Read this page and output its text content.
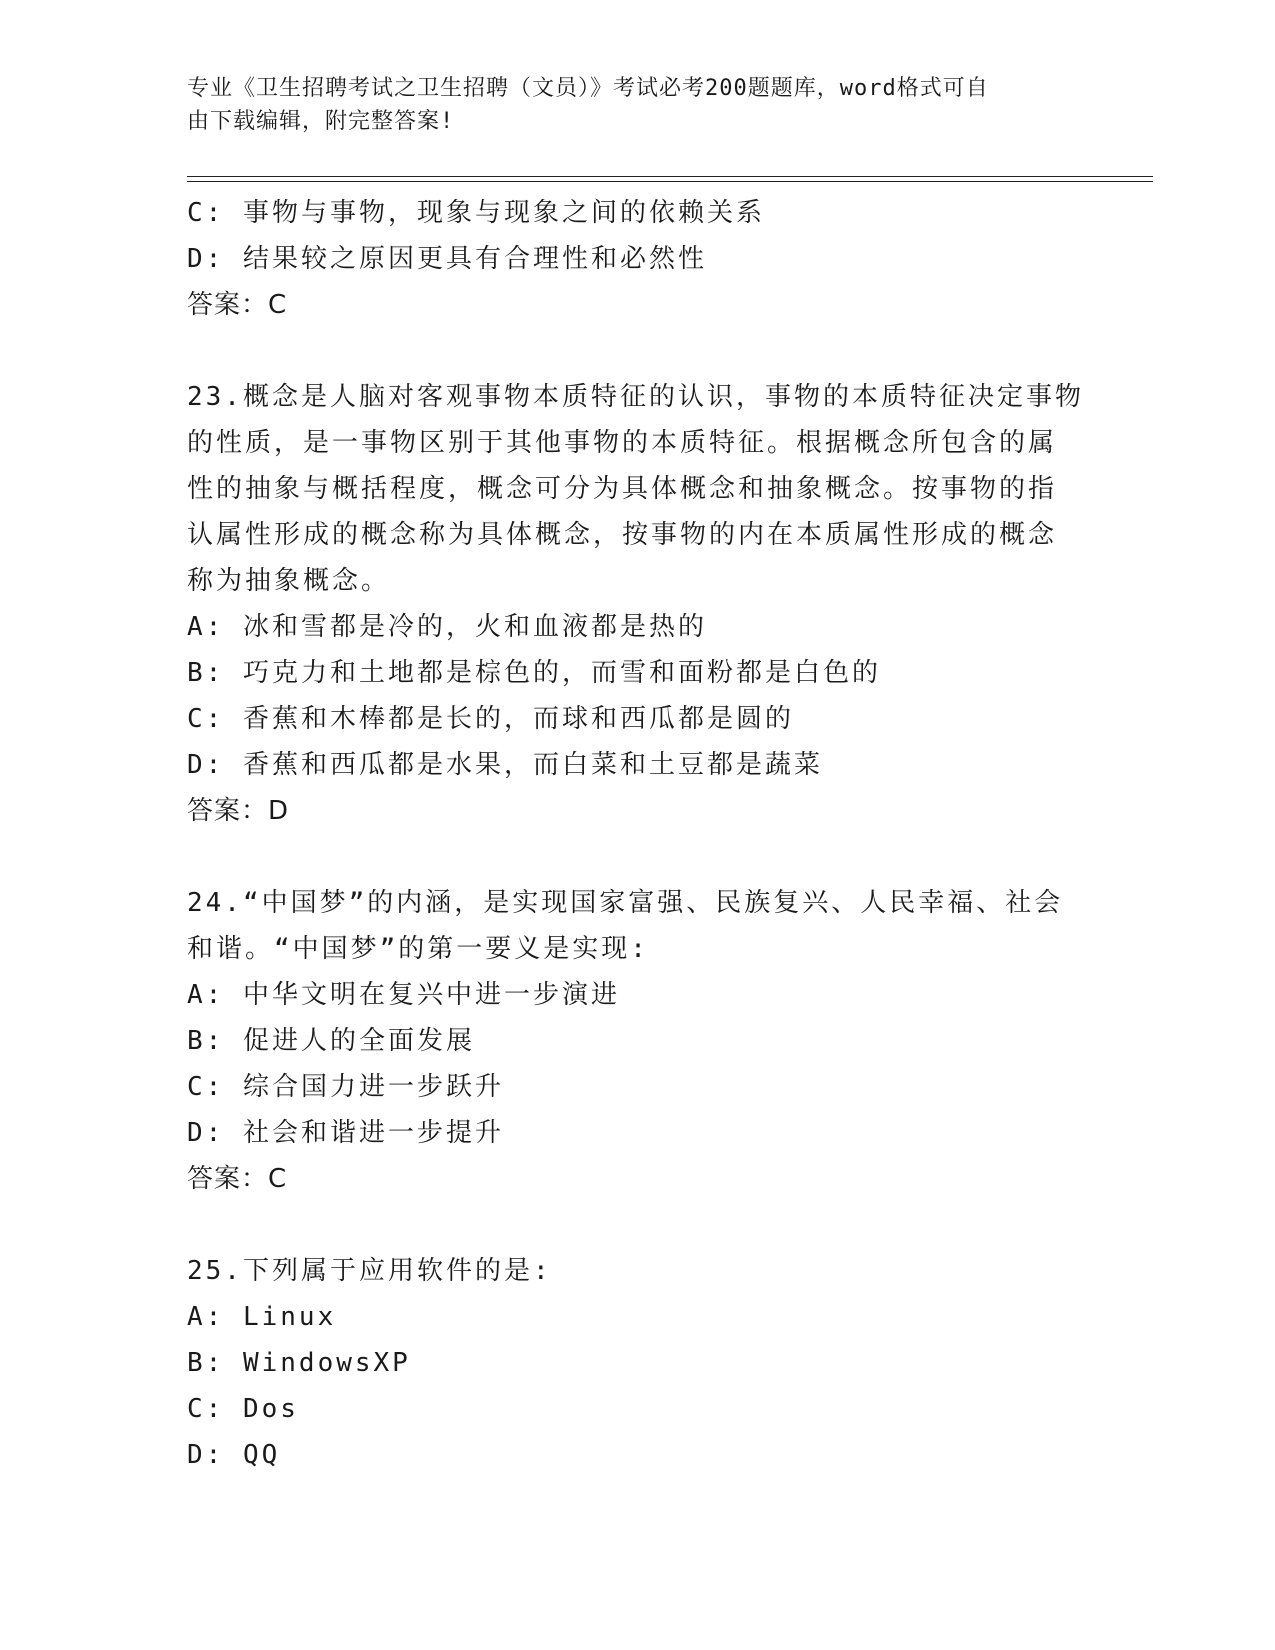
专业《卫生招聘考试之卫生招聘（文员）》考试必考200题题库，word格式可自
由下载编辑，附完整答案!
C: 事物与事物，现象与现象之间的依赖关系
D: 结果较之原因更具有合理性和必然性
答案：C
23.概念是人脑对客观事物本质特征的认识，事物的本质特征决定事物
的性质，是一事物区别于其他事物的本质特征。根据概念所包含的属
性的抽象与概括程度，概念可分为具体概念和抽象概念。按事物的指
认属性形成的概念称为具体概念，按事物的内在本质属性形成的概念
称为抽象概念。
A: 冰和雪都是冷的，火和血液都是热的
B: 巧克力和土地都是棕色的，而雪和面粉都是白色的
C: 香蕉和木棒都是长的，而球和西瓜都是圆的
D: 香蕉和西瓜都是水果，而白菜和土豆都是蔬菜
答案：D
24.“中国梦”的内涵，是实现国家富强、民族复兴、人民幸福、社会
和谐。“中国梦”的第一要义是实现:
A: 中华文明在复兴中进一步演进
B: 促进人的全面发展
C: 综合国力进一步跃升
D: 社会和谐进一步提升
答案：C
25.下列属于应用软件的是:
A: Linux
B: WindowsXP
C: Dos
D: QQ
